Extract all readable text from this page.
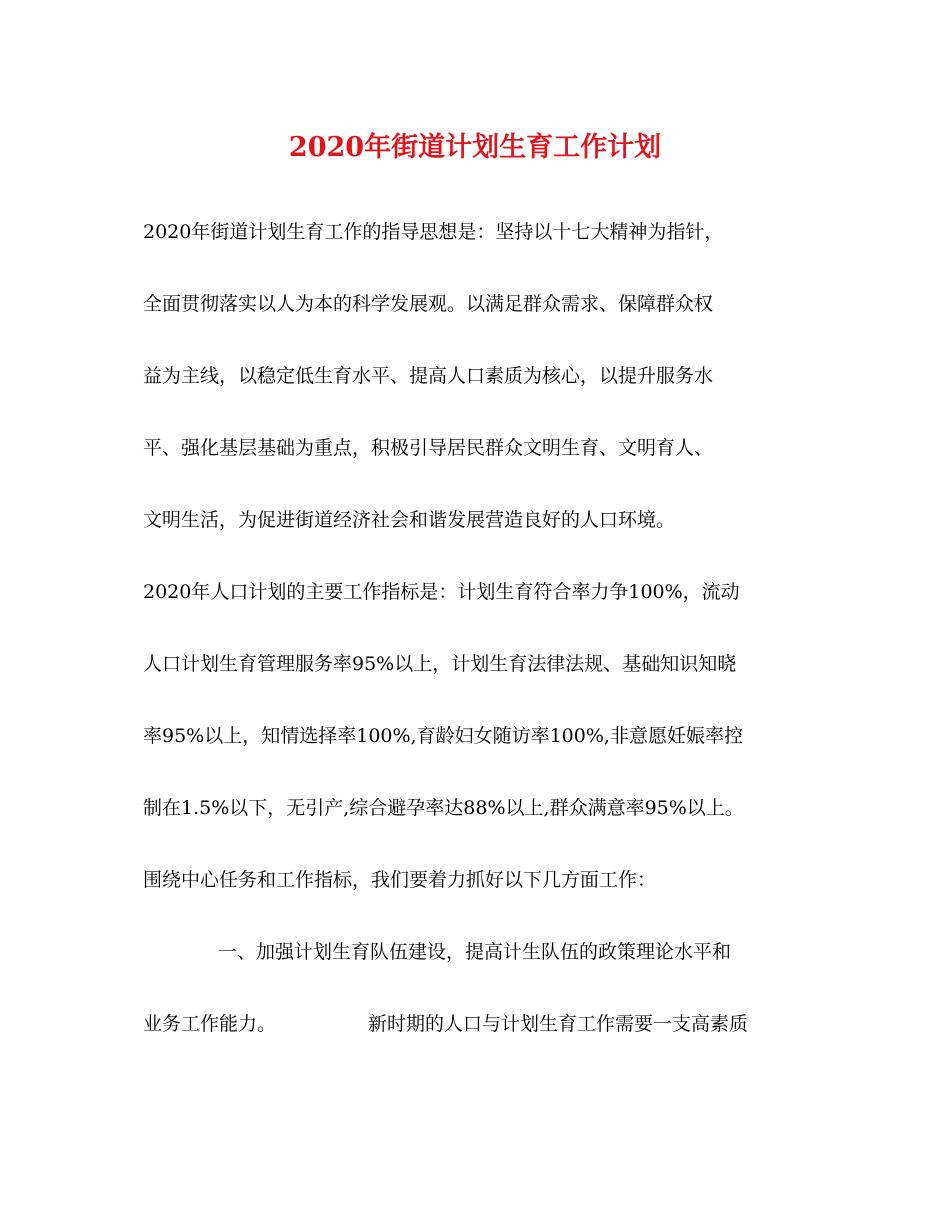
2020年街道计划生育工作计划
2020年街道计划生育工作的指导思想是：坚持以十七大精神为指针，
全面贯彻落实以人为本的科学发展观。以满足群众需求、保障群众权
益为主线，以稳定低生育水平、提高人口素质为核心，以提升服务水
平、强化基层基础为重点，积极引导居民群众文明生育、文明育人、
文明生活，为促进街道经济社会和谐发展营造良好的人口环境。
2020年人口计划的主要工作指标是：计划生育符合率力争100%，流动
人口计划生育管理服务率95%以上，计划生育法律法规、基础知识知晓
率95%以上，知情选择率100%,育龄妇女随访率100%,非意愿妊娠率控
制在1.5%以下，无引产,综合避孕率达88%以上,群众满意率95%以上。
围绕中心任务和工作指标，我们要着力抓好以下几方面工作：
一、加强计划生育队伍建设，提高计生队伍的政策理论水平和
业务工作能力。	新时期的人口与计划生育工作需要一支高素质
